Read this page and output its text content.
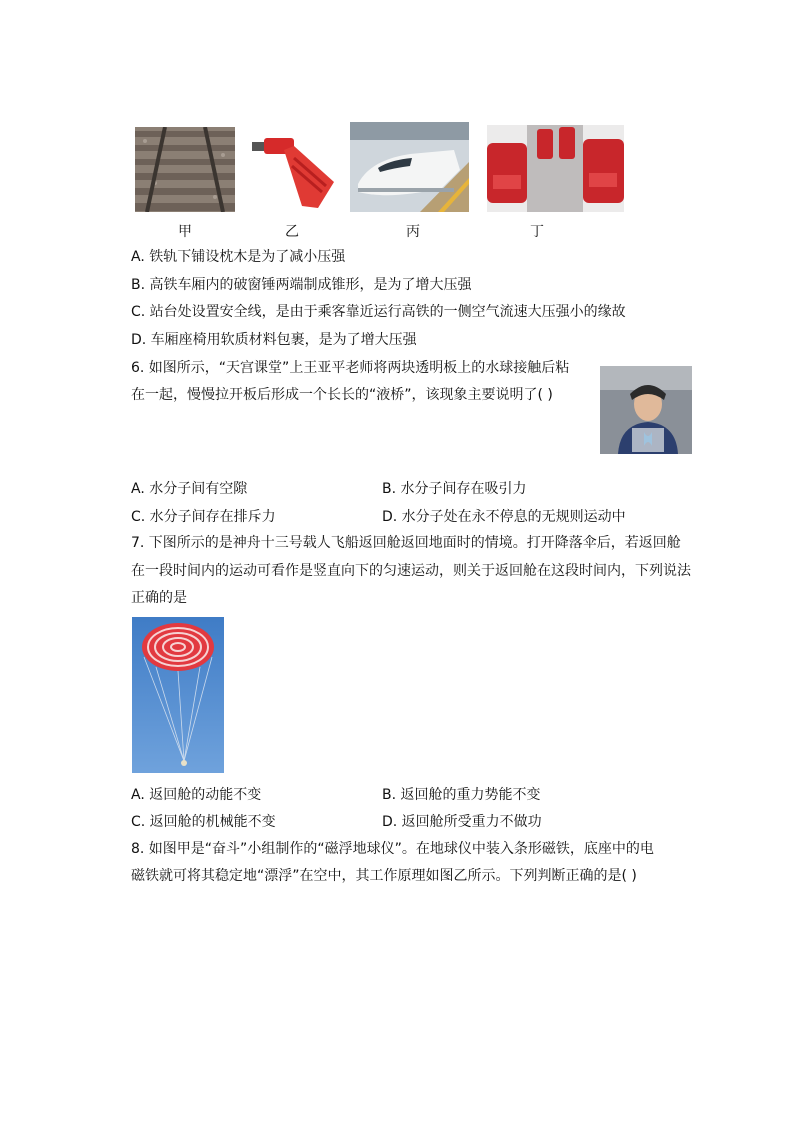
甲	乙	丙	丁
A. 铁轨下铺设枕木是为了减小压强
B. 高铁车厢内的破窗锤两端制成锥形，是为了增大压强
C. 站台处设置安全线，是由于乘客靠近运行高铁的一侧空气流速大压强小的缘故
D. 车厢座椅用软质材料包裹，是为了增大压强
6. 如图所示，“天宫课堂”上王亚平老师将两块透明板上的水球接触后粘
在一起，慢慢拉开板后形成一个长长的“液桥”，该现象主要说明了( )
A. 水分子间有空隙	B. 水分子间存在吸引力
C. 水分子间存在排斥力	D. 水分子处在永不停息的无规则运动中
7. 下图所示的是神舟十三号载人飞船返回舱返回地面时的情境。打开降落伞后，若返回舱
在一段时间内的运动可看作是竖直向下的匀速运动，则关于返回舱在这段时间内，下列说法
正确的是
A. 返回舱的动能不变	B. 返回舱的重力势能不变
C. 返回舱的机械能不变	D. 返回舱所受重力不做功
8. 如图甲是“奋斗”小组制作的“磁浮地球仪”。在地球仪中装入条形磁铁，底座中的电
磁铁就可将其稳定地“漂浮”在空中，其工作原理如图乙所示。下列判断正确的是( )
